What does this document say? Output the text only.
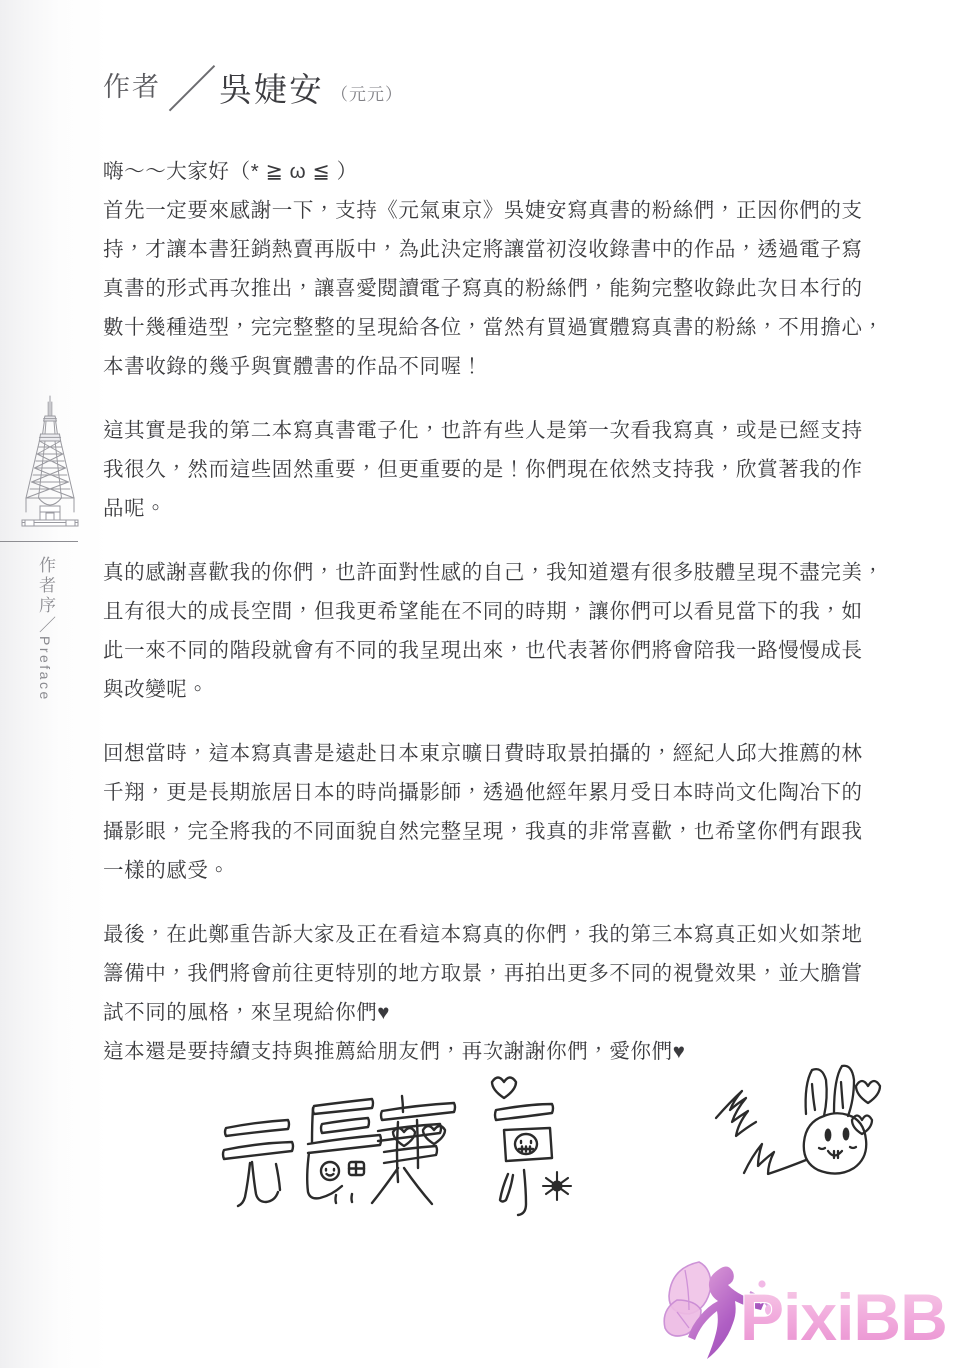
作者序／Preface
作者 ／ 吳婕安 （元元）

嗨～～大家好（* ≧ ω ≦ ）
首先一定要來感謝一下，支持《元氣東京》吳婕安寫真書的粉絲們，正因你們的支
持，才讓本書狂銷熱賣再版中，為此決定將讓當初沒收錄書中的作品，透過電子寫
真書的形式再次推出，讓喜愛閱讀電子寫真的粉絲們，能夠完整收錄此次日本行的
數十幾種造型，完完整整的呈現給各位，當然有買過實體寫真書的粉絲，不用擔心，
本書收錄的幾乎與實體書的作品不同喔！

這其實是我的第二本寫真書電子化，也許有些人是第一次看我寫真，或是已經支持
我很久，然而這些固然重要，但更重要的是！你們現在依然支持我，欣賞著我的作
品呢。

真的感謝喜歡我的你們，也許面對性感的自己，我知道還有很多肢體呈現不盡完美，
且有很大的成長空間，但我更希望能在不同的時期，讓你們可以看見當下的我，如
此一來不同的階段就會有不同的我呈現出來，也代表著你們將會陪我一路慢慢成長
與改變呢。

回想當時，這本寫真書是遠赴日本東京曠日費時取景拍攝的，經紀人邱大推薦的林
千翔，更是長期旅居日本的時尚攝影師，透過他經年累月受日本時尚文化陶冶下的
攝影眼，完全將我的不同面貌自然完整呈現，我真的非常喜歡，也希望你們有跟我
一樣的感受。

最後，在此鄭重告訴大家及正在看這本寫真的你們，我的第三本寫真正如火如荼地
籌備中，我們將會前往更特別的地方取景，再拍出更多不同的視覺效果，並大膽嘗
試不同的風格，來呈現給你們♥
這本還是要持續支持與推薦給朋友們，再次謝謝你們，愛你們♥

PixiBB
